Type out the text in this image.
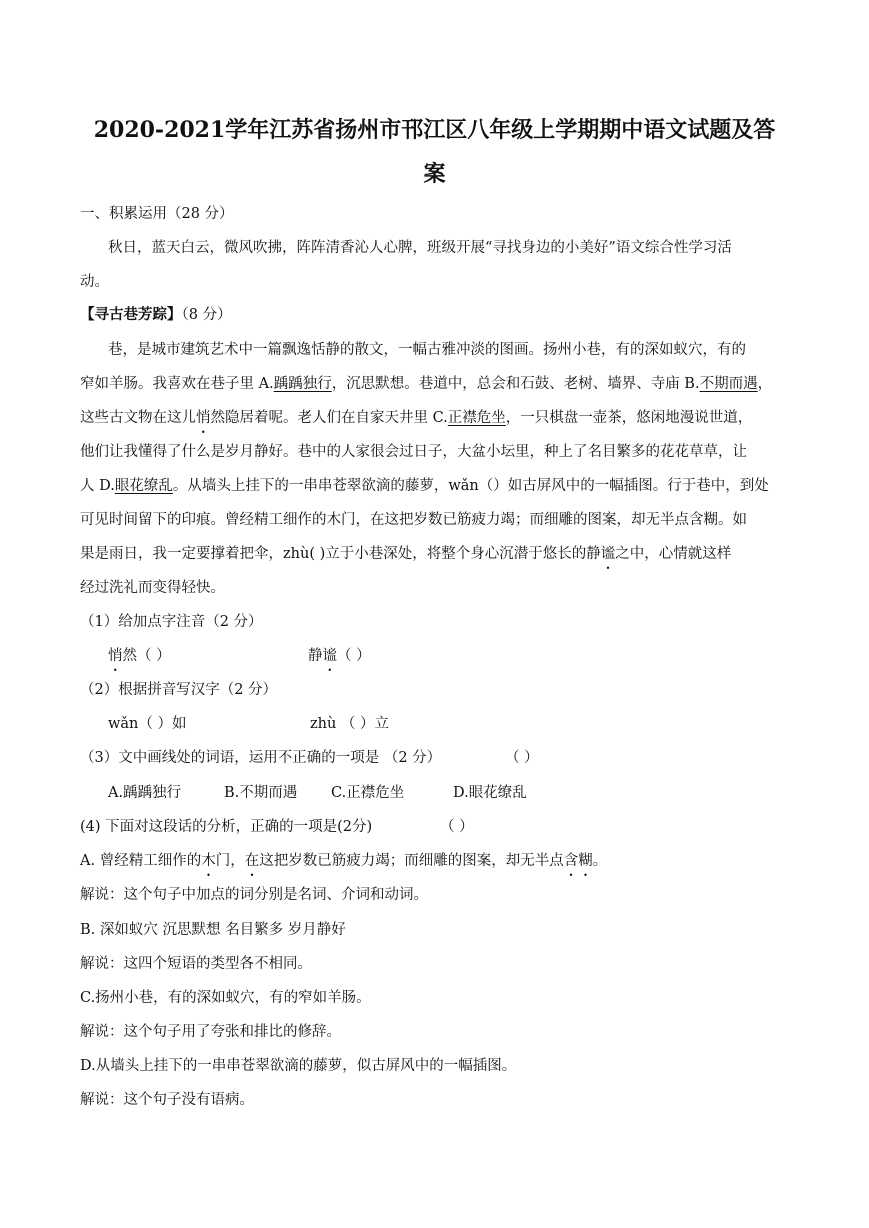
2020-2021学年江苏省扬州市邗江区八年级上学期期中语文试题及答
案
一、积累运用（28 分）
秋日，蓝天白云，微风吹拂，阵阵清香沁人心脾，班级开展“寻找身边的小美好”语文综合性学习活
动。
【寻古巷芳踪】（8 分）
巷，是城市建筑艺术中一篇飘逸恬静的散文，一幅古雅冲淡的图画。扬州小巷，有的深如蚁穴，有的
窄如羊肠。我喜欢在巷子里 A.踽踽独行，沉思默想。巷道中，总会和石鼓、老树、墙界、寺庙 B.不期而遇，
这些古文物在这儿悄然隐居着呢。老人们在自家天井里 C.正襟危坐，一只棋盘一壶茶，悠闲地漫说世道，
他们让我懂得了什么是岁月静好。巷中的人家很会过日子，大盆小坛里，种上了名目繁多的花花草草，让
人 D.眼花缭乱。从墙头上挂下的一串串苍翠欲滴的藤萝，wǎn（）如古屏风中的一幅插图。行于巷中，到处
可见时间留下的印痕。曾经精工细作的木门，在这把岁数已筋疲力竭；而细雕的图案，却无半点含糊。如
果是雨日，我一定要撑着把伞，zhù( )立于小巷深处，将整个身心沉潜于悠长的静谧之中，心情就这样
经过洗礼而变得轻快。
（1）给加点字注音（2 分）
悄然（ ）	静谧（ ）
（2）根据拼音写汉字（2 分）
wǎn（ ）如	zhù （ ）立
（3）文中画线处的词语，运用不正确的一项是 （2 分）	（ ）
A.踽踽独行	B.不期而遇 C.正襟危坐	D.眼花缭乱
(4) 下面对这段话的分析，正确的一项是(2分)	（ ）
A. 曾经精工细作的木门，在这把岁数已筋疲力竭；而细雕的图案，却无半点含糊。
解说：这个句子中加点的词分别是名词、介词和动词。
B. 深如蚁穴 沉思默想 名目繁多 岁月静好
解说：这四个短语的类型各不相同。
C.扬州小巷，有的深如蚁穴，有的窄如羊肠。
解说：这个句子用了夸张和排比的修辞。
D.从墙头上挂下的一串串苍翠欲滴的藤萝，似古屏风中的一幅插图。
解说：这个句子没有语病。
